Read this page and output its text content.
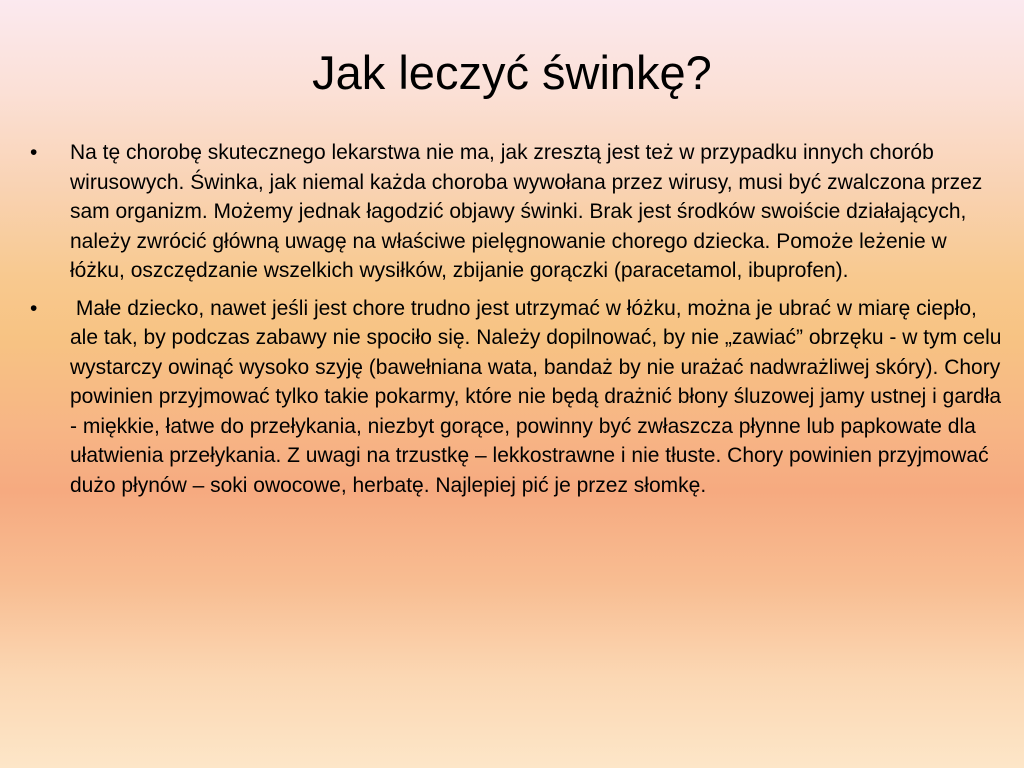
Jak leczyć świnkę?
• Na tę chorobę skutecznego lekarstwa nie ma, jak zresztą jest też w przypadku innych chorób wirusowych. Świnka, jak niemal każda choroba wywołana przez wirusy, musi być zwalczona przez sam organizm. Możemy jednak łagodzić objawy świnki. Brak jest środków swoiście działających, należy zwrócić główną uwagę na właściwe pielęgnowanie chorego dziecka. Pomoże leżenie w łóżku, oszczędzanie wszelkich wysiłków, zbijanie gorączki (paracetamol, ibuprofen).
• Małe dziecko, nawet jeśli jest chore trudno jest utrzymać w łóżku, można je ubrać w miarę ciepło, ale tak, by podczas zabawy nie spociło się. Należy dopilnować, by nie „zawiać” obrzęku - w tym celu wystarczy owinąć wysoko szyję (bawełniana wata, bandaż by nie urażać nadwrażliwej skóry). Chory powinien przyjmować tylko takie pokarmy, które nie będą drażnić błony śluzowej jamy ustnej i gardła - miękkie, łatwe do przełykania, niezbyt gorące, powinny być zwłaszcza płynne lub papkowate dla ułatwienia przełykania. Z uwagi na trzustkę – lekkostrawne i nie tłuste. Chory powinien przyjmować dużo płynów – soki owocowe, herbatę. Najlepiej pić je przez słomkę.
